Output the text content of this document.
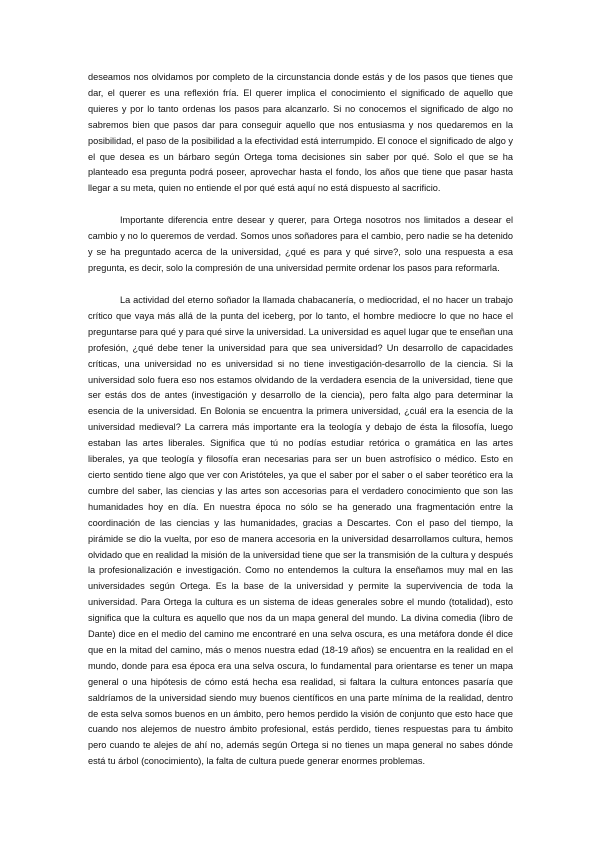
deseamos nos olvidamos por completo de la circunstancia donde estás y de los pasos que tienes que dar, el querer es una reflexión fría. El querer implica el conocimiento el significado de aquello que quieres y por lo tanto ordenas los pasos para alcanzarlo. Si no conocemos el significado de algo no sabremos bien que pasos dar para conseguir aquello que nos entusiasma y nos quedaremos en la posibilidad, el paso de la posibilidad a la efectividad está interrumpido. El conoce el significado de algo y el que desea es un bárbaro según Ortega toma decisiones sin saber por qué. Solo el que se ha planteado esa pregunta podrá poseer, aprovechar hasta el fondo, los años que tiene que pasar hasta llegar a su meta, quien no entiende el por qué está aquí no está dispuesto al sacrificio.

Importante diferencia entre desear y querer, para Ortega nosotros nos limitados a desear el cambio y no lo queremos de verdad. Somos unos soñadores para el cambio, pero nadie se ha detenido y se ha preguntado acerca de la universidad, ¿qué es para y qué sirve?, solo una respuesta a esa pregunta, es decir, solo la compresión de una universidad permite ordenar los pasos para reformarla.

La actividad del eterno soñador la llamada chabacanería, o mediocridad, el no hacer un trabajo crítico que vaya más allá de la punta del iceberg, por lo tanto, el hombre mediocre lo que no hace el preguntarse para qué y para qué sirve la universidad. La universidad es aquel lugar que te enseñan una profesión, ¿qué debe tener la universidad para que sea universidad? Un desarrollo de capacidades críticas, una universidad no es universidad si no tiene investigación-desarrollo de la ciencia. Si la universidad solo fuera eso nos estamos olvidando de la verdadera esencia de la universidad, tiene que ser estás dos de antes (investigación y desarrollo de la ciencia), pero falta algo para determinar la esencia de la universidad. En Bolonia se encuentra la primera universidad, ¿cuál era la esencia de la universidad medieval? La carrera más importante era la teología y debajo de ésta la filosofía, luego estaban las artes liberales. Significa que tú no podías estudiar retórica o gramática en las artes liberales, ya que teología y filosofía eran necesarias para ser un buen astrofísico o médico. Esto en cierto sentido tiene algo que ver con Aristóteles, ya que el saber por el saber o el saber teorético era la cumbre del saber, las ciencias y las artes son accesorias para el verdadero conocimiento que son las humanidades hoy en día. En nuestra época no sólo se ha generado una fragmentación entre la coordinación de las ciencias y las humanidades, gracias a Descartes. Con el paso del tiempo, la pirámide se dio la vuelta, por eso de manera accesoria en la universidad desarrollamos cultura, hemos olvidado que en realidad la misión de la universidad tiene que ser la transmisión de la cultura y después la profesionalización e investigación. Como no entendemos la cultura la enseñamos muy mal en las universidades según Ortega. Es la base de la universidad y permite la supervivencia de toda la universidad. Para Ortega la cultura es un sistema de ideas generales sobre el mundo (totalidad), esto significa que la cultura es aquello que nos da un mapa general del mundo. La divina comedia (libro de Dante) dice en el medio del camino me encontraré en una selva oscura, es una metáfora donde él dice que en la mitad del camino, más o menos nuestra edad (18-19 años) se encuentra en la realidad en el mundo, donde para esa época era una selva oscura, lo fundamental para orientarse es tener un mapa general o una hipótesis de cómo está hecha esa realidad, si faltara la cultura entonces pasaría que saldríamos de la universidad siendo muy buenos científicos en una parte mínima de la realidad, dentro de esta selva somos buenos en un ámbito, pero hemos perdido la visión de conjunto que esto hace que cuando nos alejemos de nuestro ámbito profesional, estás perdido, tienes respuestas para tu ámbito pero cuando te alejes de ahí no, además según Ortega si no tienes un mapa general no sabes dónde está tu árbol (conocimiento), la falta de cultura puede generar enormes problemas.
